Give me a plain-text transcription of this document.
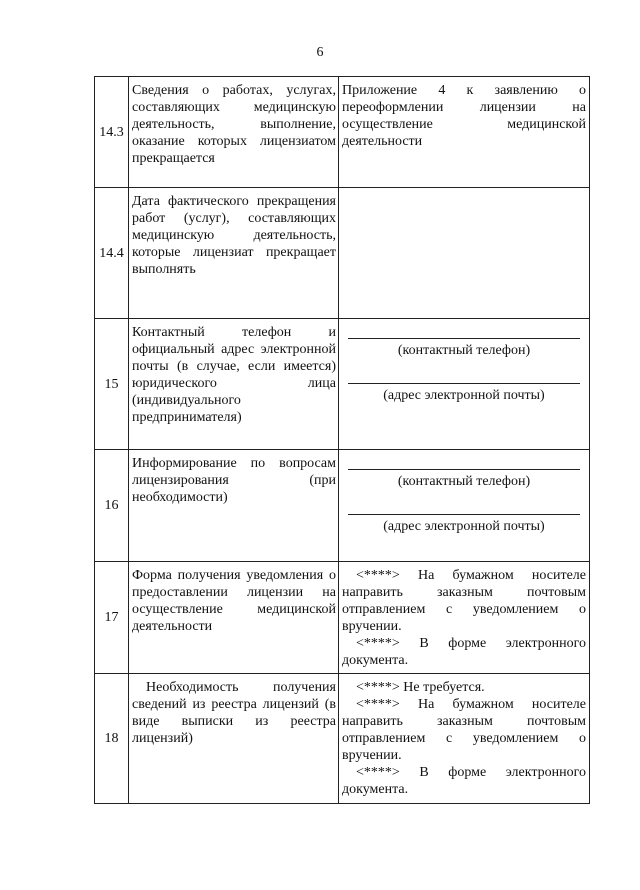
6
14.3	Сведения о работах, услугах, составляющих медицинскую деятельность, выполнение, оказание которых лицензиатом прекращается	Приложение 4 к заявлению о переоформлении лицензии на осуществление медицинской деятельности
14.4	Дата фактического прекращения работ (услуг), составляющих медицинскую деятельность, которые лицензиат прекращает выполнять	
15	Контактный телефон и официальный адрес электронной почты (в случае, если имеется) юридического лица (индивидуального предпринимателя)	(контактный телефон)
(адрес электронной почты)

16	Информирование по вопросам лицензирования (при необходимости)	(контактный телефон)
(адрес электронной почты)

17	Форма получения уведомления о предоставлении лицензии на осуществление медицинской деятельности	<****> На бумажном носителе направить заказным почтовым отправлением с уведомлением о вручении.

<****> В форме электронного документа.

18	Необходимость получения сведений из реестра лицензий (в виде выписки из реестра лицензий)	<****> Не требуется.

<****> На бумажном носителе направить заказным почтовым отправлением с уведомлением о вручении.

<****> В форме электронного документа.
